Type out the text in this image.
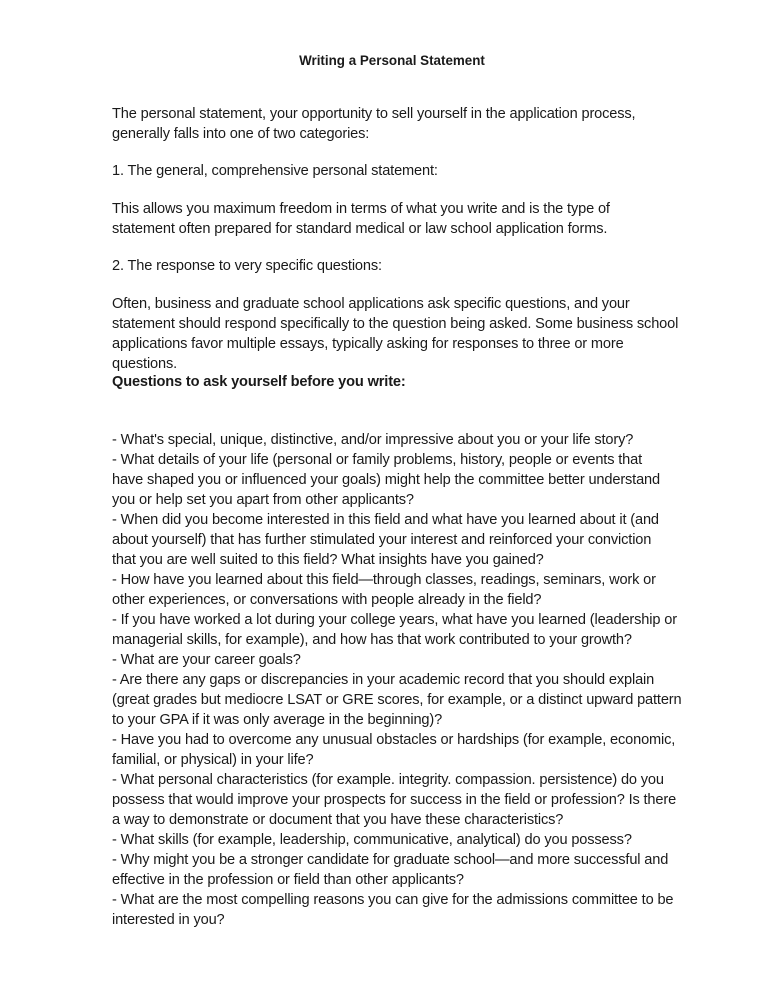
Writing a Personal Statement
The personal statement, your opportunity to sell yourself in the application process,
generally falls into one of two categories:
1. The general, comprehensive personal statement:
This allows you maximum freedom in terms of what you write and is the type of
statement often prepared for standard medical or law school application forms.
2. The response to very specific questions:
Often, business and graduate school applications ask specific questions, and your
statement should respond specifically to the question being asked. Some business school
applications favor multiple essays, typically asking for responses to three or more
questions.
Questions to ask yourself before you write:
- What's special, unique, distinctive, and/or impressive about you or your life story?
- What details of your life (personal or family problems, history, people or events that
have shaped you or influenced your goals) might help the committee better understand
you or help set you apart from other applicants?
- When did you become interested in this field and what have you learned about it (and
about yourself) that has further stimulated your interest and reinforced your conviction
that you are well suited to this field? What insights have you gained?
- How have you learned about this field—through classes, readings, seminars, work or
other experiences, or conversations with people already in the field?
- If you have worked a lot during your college years, what have you learned (leadership or
managerial skills, for example), and how has that work contributed to your growth?
- What are your career goals?
- Are there any gaps or discrepancies in your academic record that you should explain
(great grades but mediocre LSAT or GRE scores, for example, or a distinct upward pattern
to your GPA if it was only average in the beginning)?
- Have you had to overcome any unusual obstacles or hardships (for example, economic,
familial, or physical) in your life?
- What personal characteristics (for example. integrity. compassion. persistence) do you
possess that would improve your prospects for success in the field or profession? Is there
a way to demonstrate or document that you have these characteristics?
- What skills (for example, leadership, communicative, analytical) do you possess?
- Why might you be a stronger candidate for graduate school—and more successful and
effective in the profession or field than other applicants?
- What are the most compelling reasons you can give for the admissions committee to be
interested in you?
